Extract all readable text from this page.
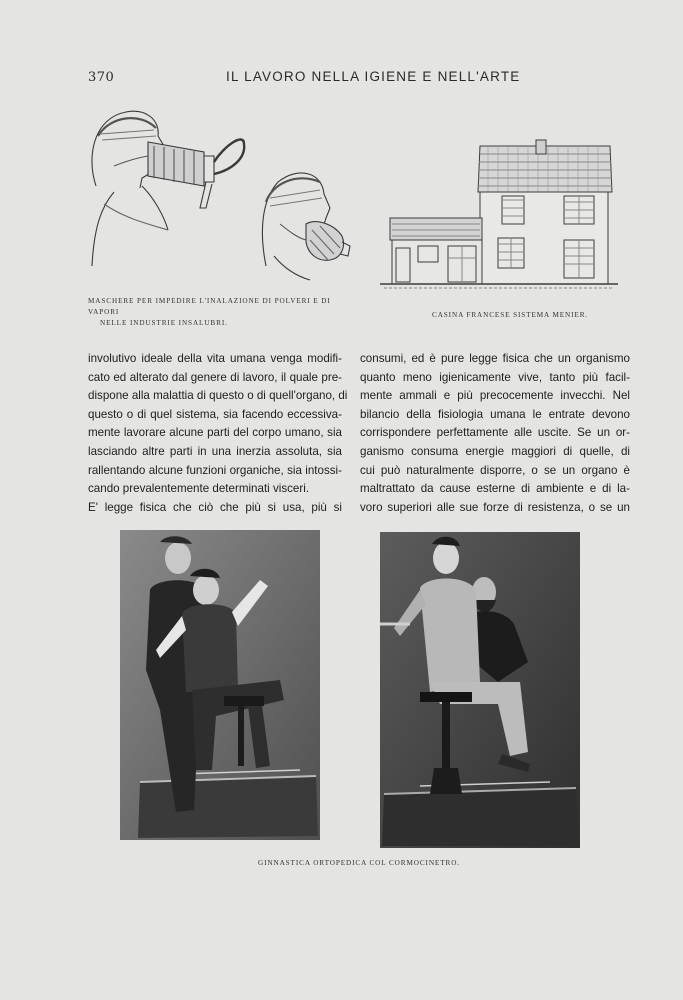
370	IL LAVORO NELLA IGIENE E NELL'ARTE
MASCHERE PER IMPEDIRE L'INALAZIONE DI POLVERI E DI VAPORI
NELLE INDUSTRIE INSALUBRI.
CASINA FRANCESE SISTEMA MENIER.
involutivo ideale della vita umana venga modifi-
cato ed alterato dal genere di lavoro, il quale pre-
dispone alla malattia di questo o di quell'organo, di
questo o di quel sistema, sia facendo eccessiva-
mente lavorare alcune parti del corpo umano, sia
lasciando altre parti in una inerzia assoluta, sia
rallentando alcune funzioni organiche, sia intossi-
cando prevalentemente determinati visceri.
E' legge fisica che ciò che più si usa, più si
consumi, ed è pure legge fisica che un organismo
quanto meno igienicamente vive, tanto più facil-
mente ammali e più precocemente invecchi. Nel
bilancio della fisiologia umana le entrate devono
corrispondere perfettamente alle uscite. Se un or-
ganismo consuma energie maggiori di quelle, di
cui può naturalmente disporre, o se un organo è
maltrattato da cause esterne di ambiente e di la-
voro superiori alle sue forze di resistenza, o se un
GINNASTICA ORTOPEDICA COL CORMOCINETRO.
